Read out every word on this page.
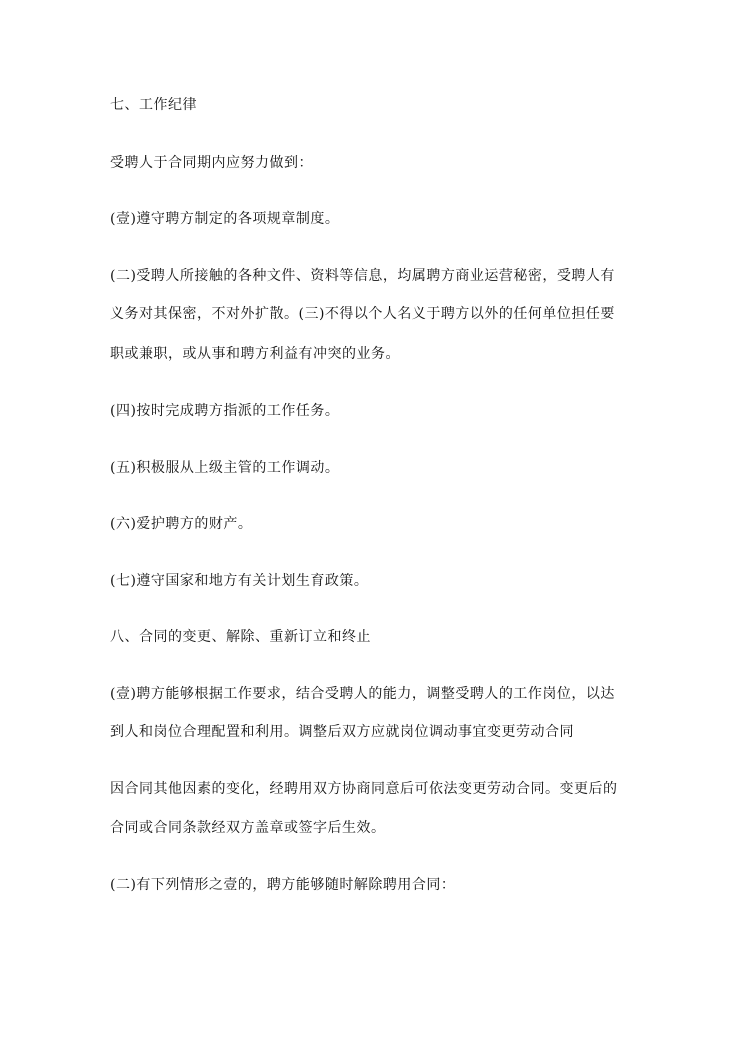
七、工作纪律
受聘人于合同期内应努力做到：
(壹)遵守聘方制定的各项规章制度。
(二)受聘人所接触的各种文件、资料等信息，均属聘方商业运营秘密，受聘人有
义务对其保密，不对外扩散。(三)不得以个人名义于聘方以外的任何单位担任要
职或兼职，或从事和聘方利益有冲突的业务。
(四)按时完成聘方指派的工作任务。
(五)积极服从上级主管的工作调动。
(六)爱护聘方的财产。
(七)遵守国家和地方有关计划生育政策。
八、合同的变更、解除、重新订立和终止
(壹)聘方能够根据工作要求，结合受聘人的能力，调整受聘人的工作岗位，以达
到人和岗位合理配置和利用。调整后双方应就岗位调动事宜变更劳动合同
因合同其他因素的变化，经聘用双方协商同意后可依法变更劳动合同。变更后的
合同或合同条款经双方盖章或签字后生效。
(二)有下列情形之壹的，聘方能够随时解除聘用合同：
